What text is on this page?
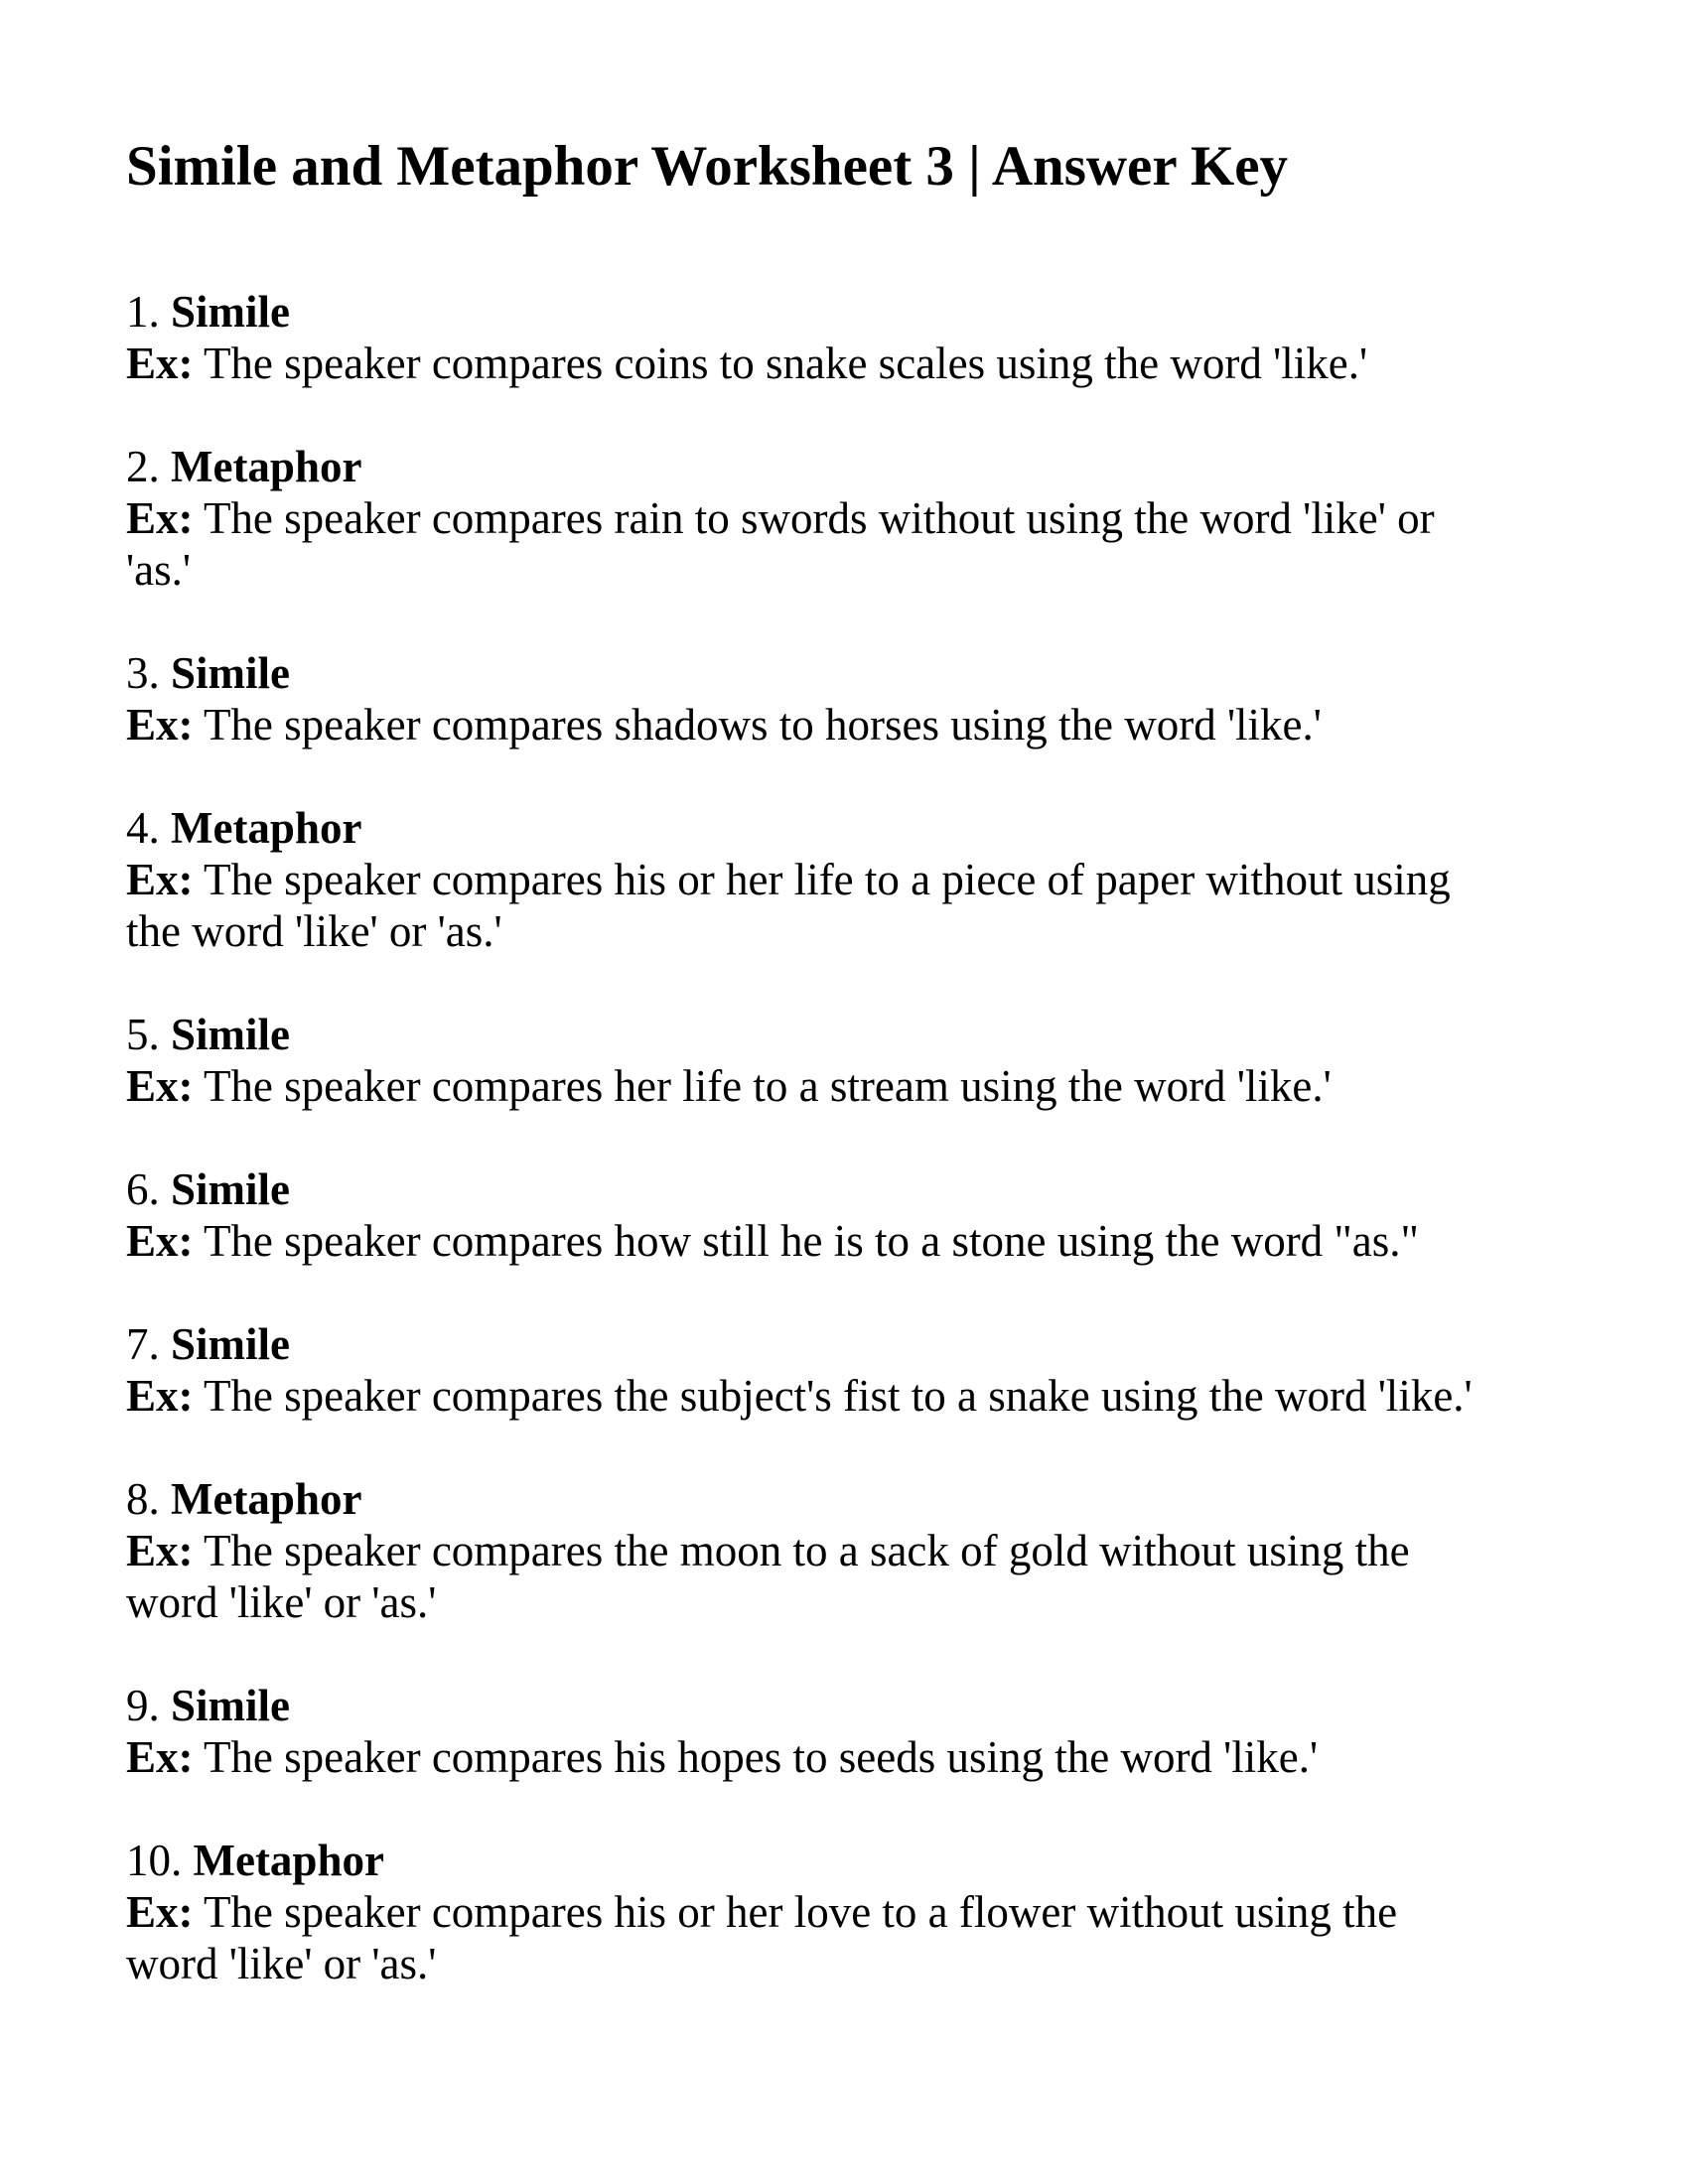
Simile and Metaphor Worksheet 3 | Answer Key

1. Simile

Ex: The speaker compares coins to snake scales using the word 'like.'

2. Metaphor

Ex: The speaker compares rain to swords without using the word 'like' or
'as.'

3. Simile

Ex: The speaker compares shadows to horses using the word 'like.'

4. Metaphor

Ex: The speaker compares his or her life to a piece of paper without using
the word 'like' or 'as.'

5. Simile

Ex: The speaker compares her life to a stream using the word 'like.'

6. Simile

Ex: The speaker compares how still he is to a stone using the word "as."

7. Simile

Ex: The speaker compares the subject's fist to a snake using the word 'like.'

8. Metaphor

Ex: The speaker compares the moon to a sack of gold without using the
word 'like' or 'as.'

9. Simile

Ex: The speaker compares his hopes to seeds using the word 'like.'

10. Metaphor

Ex: The speaker compares his or her love to a flower without using the
word 'like' or 'as.'
